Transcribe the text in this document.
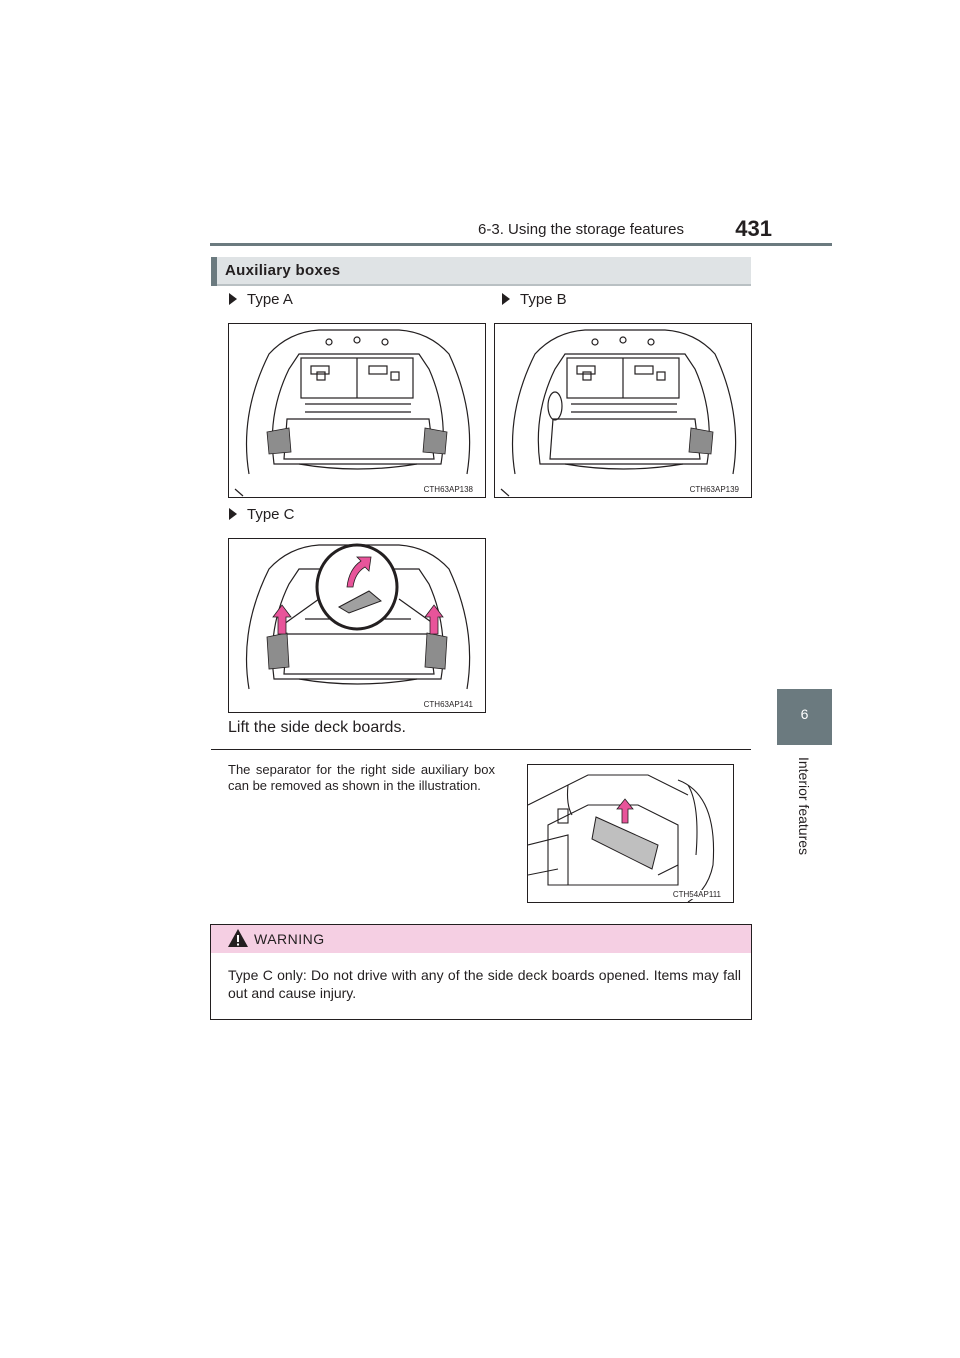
6-3. Using the storage features	431
6
Interior features
Auxiliary boxes
Type A
CTH63AP138
Type B
CTH63AP139
Type C
CTH63AP141
Lift the side deck boards.
The separator for the right side auxiliary box can be removed as shown in the illustration.
CTH54AP111
WARNING
Type C only: Do not drive with any of the side deck boards opened. Items may fall out and cause injury.
